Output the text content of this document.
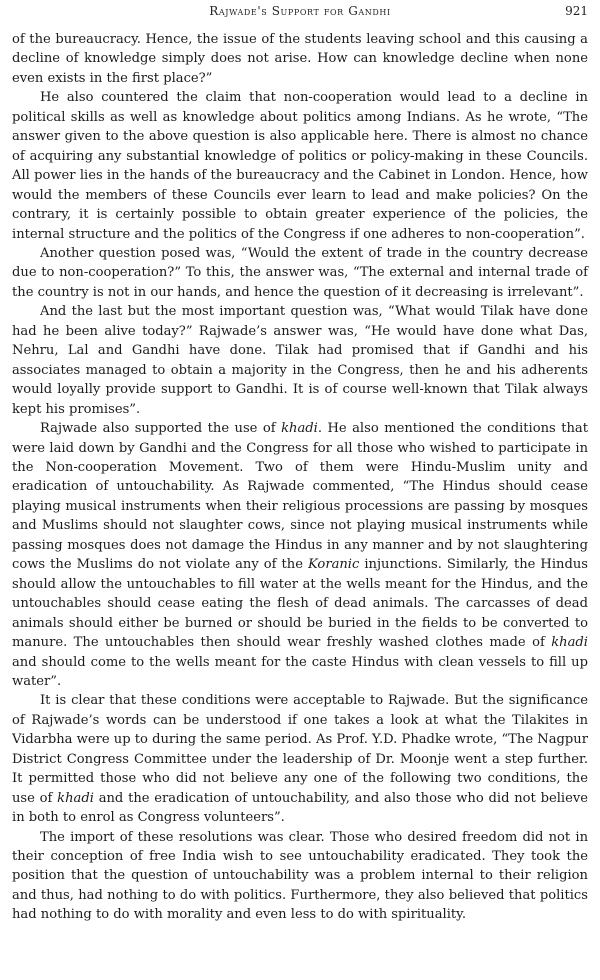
Rajwade's Support for Gandhi	921

of the bureaucracy. Hence, the issue of the students leaving school and this causing a decline of knowledge simply does not arise. How can knowledge decline when none even exists in the first place?”

He also countered the claim that non-cooperation would lead to a decline in political skills as well as knowledge about politics among Indians. As he wrote, “The answer given to the above question is also applicable here. There is almost no chance of acquiring any substantial knowledge of politics or policy-making in these Councils. All power lies in the hands of the bureaucracy and the Cabinet in London. Hence, how would the members of these Councils ever learn to lead and make policies? On the contrary, it is certainly possible to obtain greater experience of the policies, the internal structure and the politics of the Congress if one adheres to non-cooperation”.

Another question posed was, “Would the extent of trade in the country decrease due to non-cooperation?” To this, the answer was, “The external and internal trade of the country is not in our hands, and hence the question of it decreasing is irrelevant”.

And the last but the most important question was, “What would Tilak have done had he been alive today?” Rajwade’s answer was, “He would have done what Das, Nehru, Lal and Gandhi have done. Tilak had promised that if Gandhi and his associates managed to obtain a majority in the Congress, then he and his adherents would loyally provide support to Gandhi. It is of course well-known that Tilak always kept his promises”.

Rajwade also supported the use of khadi. He also mentioned the conditions that were laid down by Gandhi and the Congress for all those who wished to participate in the Non-cooperation Movement. Two of them were Hindu-Muslim unity and eradication of untouchability. As Rajwade commented, “The Hindus should cease playing musical instruments when their religious processions are passing by mosques and Muslims should not slaughter cows, since not playing musical instruments while passing mosques does not damage the Hindus in any manner and by not slaughtering cows the Muslims do not violate any of the Koranic injunctions. Similarly, the Hindus should allow the untouchables to fill water at the wells meant for the Hindus, and the untouchables should cease eating the flesh of dead animals. The carcasses of dead animals should either be burned or should be buried in the fields to be converted to manure. The untouchables then should wear freshly washed clothes made of khadi and should come to the wells meant for the caste Hindus with clean vessels to fill up water”.

It is clear that these conditions were acceptable to Rajwade. But the significance of Rajwade’s words can be understood if one takes a look at what the Tilakites in Vidarbha were up to during the same period. As Prof. Y.D. Phadke wrote, “The Nagpur District Congress Committee under the leadership of Dr. Moonje went a step further. It permitted those who did not believe any one of the following two conditions, the use of khadi and the eradication of untouchability, and also those who did not believe in both to enrol as Congress volunteers”.

The import of these resolutions was clear. Those who desired freedom did not in their conception of free India wish to see untouchability eradicated. They took the position that the question of untouchability was a problem internal to their religion and thus, had nothing to do with politics. Furthermore, they also believed that politics had nothing to do with morality and even less to do with spirituality.
